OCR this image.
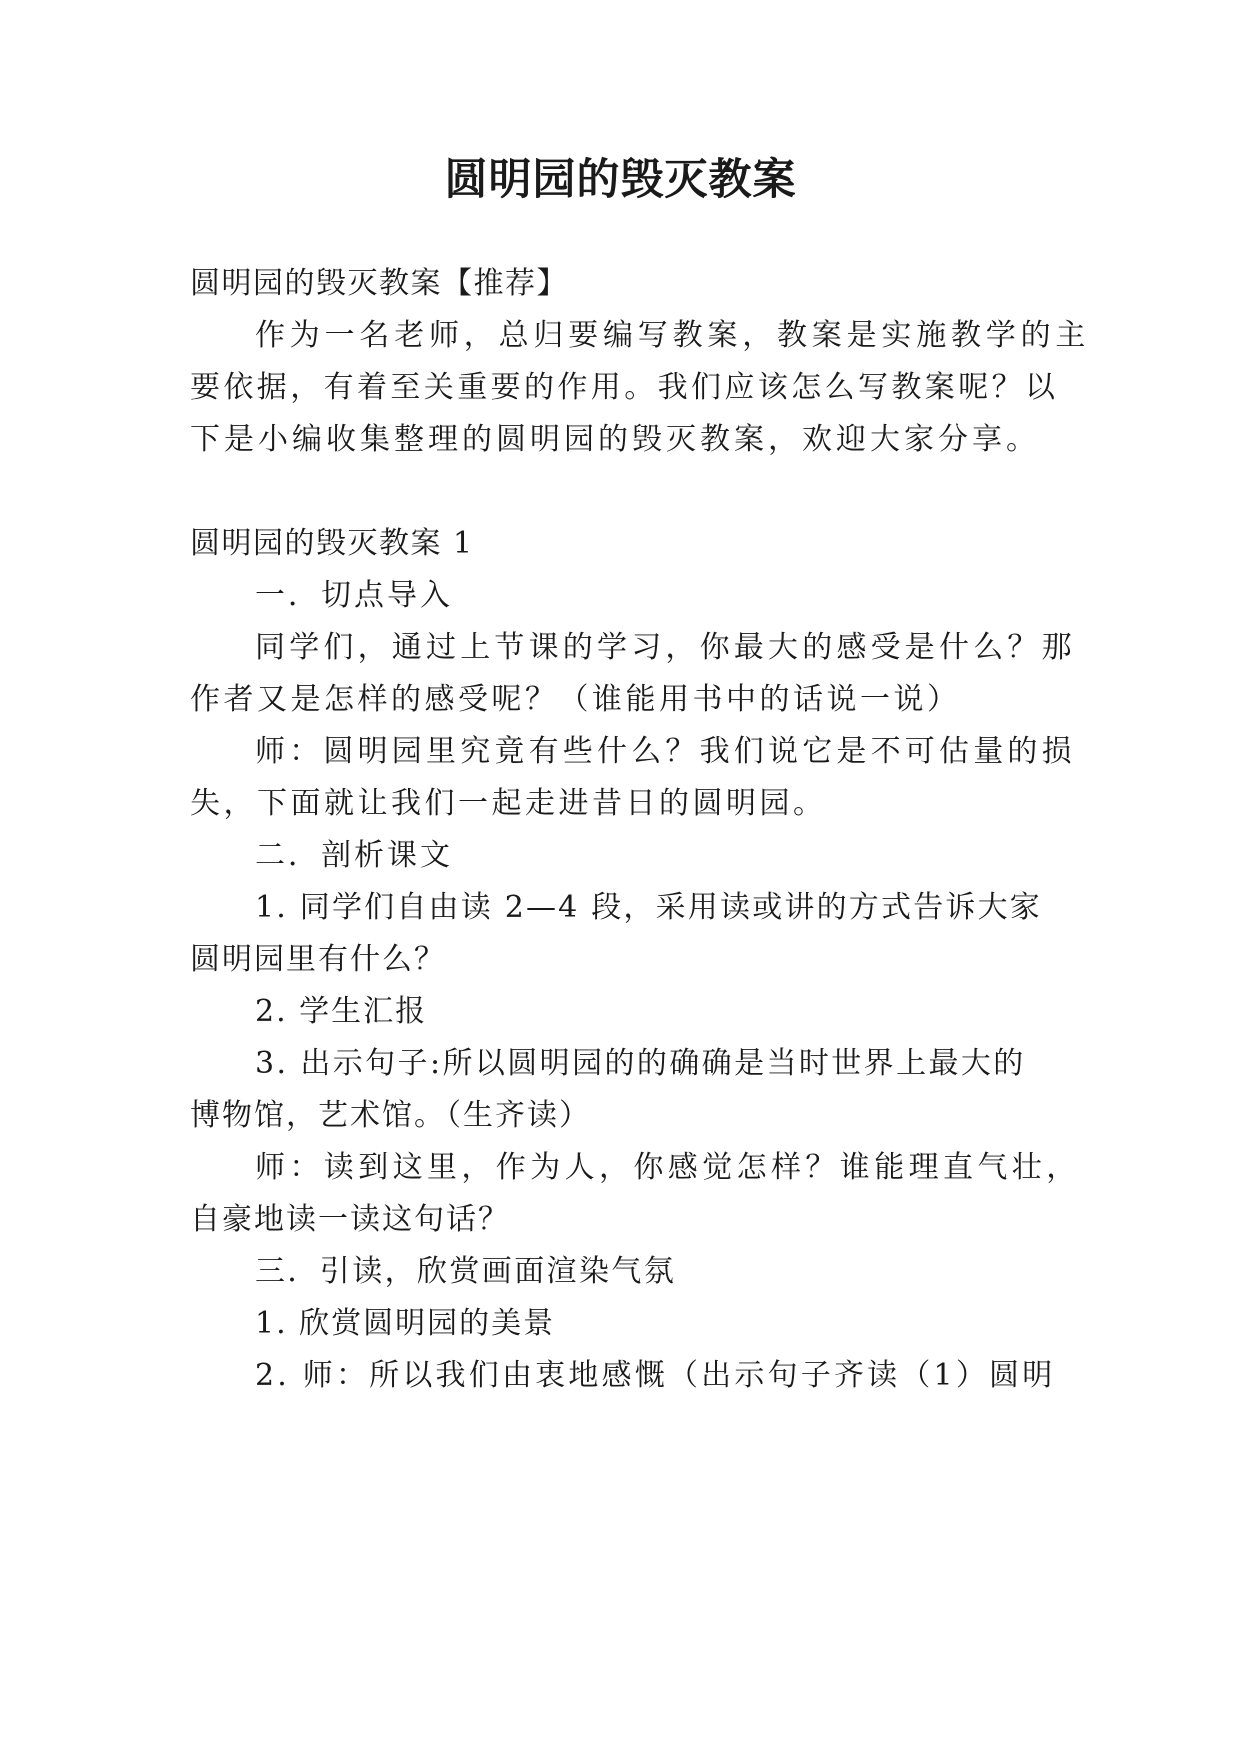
圆明园的毁灭教案

圆明园的毁灭教案【推荐】

作为一名老师，总归要编写教案，教案是实施教学的主

要依据，有着至关重要的作用。我们应该怎么写教案呢？以

下是小编收集整理的圆明园的毁灭教案，欢迎大家分享。

圆明园的毁灭教案 1

一．切点导入

同学们，通过上节课的学习，你最大的感受是什么？那

作者又是怎样的感受呢？（谁能用书中的话说一说）

师：圆明园里究竟有些什么？我们说它是不可估量的损

失，下面就让我们一起走进昔日的圆明园。

二．剖析课文

1. 同学们自由读 2—4 段，采用读或讲的方式告诉大家

圆明园里有什么？

2. 学生汇报

3. 出示句子:所以圆明园的的确确是当时世界上最大的

博物馆，艺术馆。（生齐读）

师：读到这里，作为人，你感觉怎样？谁能理直气壮，

自豪地读一读这句话？

三．引读，欣赏画面渲染气氛

1. 欣赏圆明园的美景

2. 师：所以我们由衷地感慨（出示句子齐读（1）圆明
